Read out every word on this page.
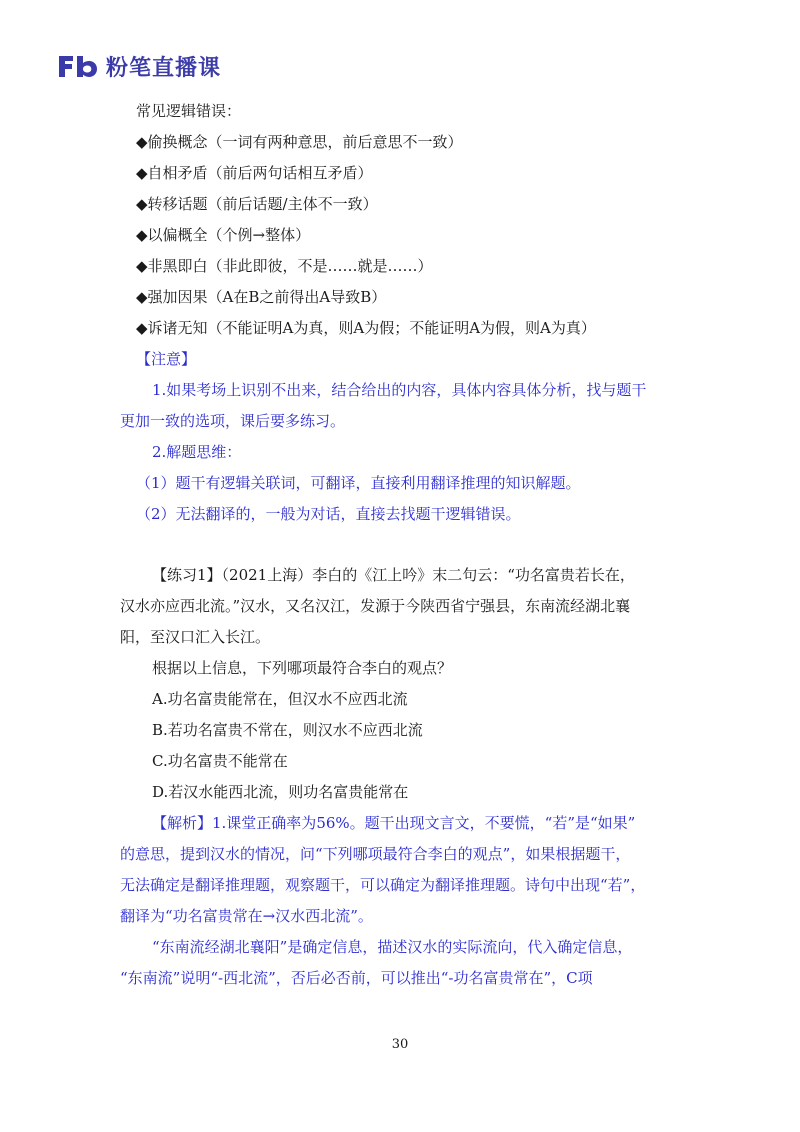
粉笔直播课
常见逻辑错误：
◆偷换概念（一词有两种意思，前后意思不一致）
◆自相矛盾（前后两句话相互矛盾）
◆转移话题（前后话题/主体不一致）
◆以偏概全（个例→整体）
◆非黑即白（非此即彼，不是……就是……）
◆强加因果（A在B之前得出A导致B）
◆诉诸无知（不能证明A为真，则A为假；不能证明A为假，则A为真）
【注意】
1.如果考场上识别不出来，结合给出的内容，具体内容具体分析，找与题干
更加一致的选项，课后要多练习。
2.解题思维：
（1）题干有逻辑关联词，可翻译，直接利用翻译推理的知识解题。
（2）无法翻译的，一般为对话，直接去找题干逻辑错误。
【练习1】（2021上海）李白的《江上吟》末二句云：“功名富贵若长在，
汉水亦应西北流。”汉水，又名汉江，发源于今陕西省宁强县，东南流经湖北襄
阳，至汉口汇入长江。
根据以上信息，下列哪项最符合李白的观点？
A.功名富贵能常在，但汉水不应西北流
B.若功名富贵不常在，则汉水不应西北流
C.功名富贵不能常在
D.若汉水能西北流，则功名富贵能常在
【解析】1.课堂正确率为56%。题干出现文言文，不要慌，“若”是“如果”
的意思，提到汉水的情况，问“下列哪项最符合李白的观点”，如果根据题干，
无法确定是翻译推理题，观察题干，可以确定为翻译推理题。诗句中出现“若”，
翻译为“功名富贵常在→汉水西北流”。
“东南流经湖北襄阳”是确定信息，描述汉水的实际流向，代入确定信息，
“东南流”说明“-西北流”，否后必否前，可以推出“-功名富贵常在”，C项
30
